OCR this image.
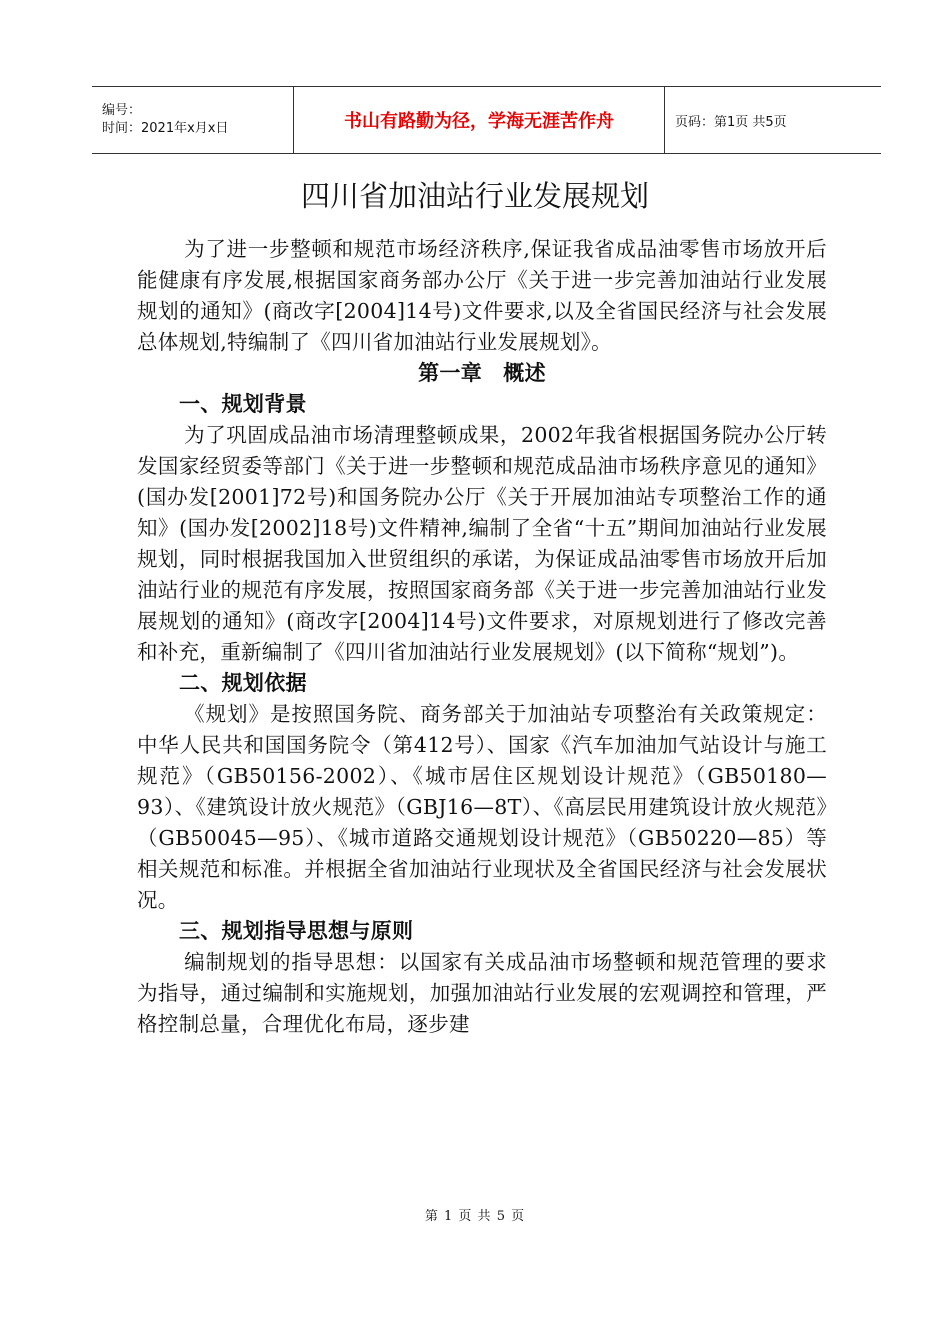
编号：
时间：2021年x月x日	书山有路勤为径，学海无涯苦作舟	页码：第1页 共5页
四川省加油站行业发展规划

为了进一步整顿和规范市场经济秩序,保证我省成品油零售市场放开后能健康有序发展,根据国家商务部办公厅《关于进一步完善加油站行业发展规划的通知》(商改字[2004]14号)文件要求,以及全省国民经济与社会发展总体规划,特编制了《四川省加油站行业发展规划》。

第一章　概述

一、规划背景

为了巩固成品油市场清理整顿成果，2002年我省根据国务院办公厅转发国家经贸委等部门《关于进一步整顿和规范成品油市场秩序意见的通知》(国办发[2001]72号)和国务院办公厅《关于开展加油站专项整治工作的通知》(国办发[2002]18号)文件精神,编制了全省“十五”期间加油站行业发展规划，同时根据我国加入世贸组织的承诺，为保证成品油零售市场放开后加油站行业的规范有序发展，按照国家商务部《关于进一步完善加油站行业发展规划的通知》(商改字[2004]14号)文件要求，对原规划进行了修改完善和补充，重新编制了《四川省加油站行业发展规划》(以下简称“规划”)。

二、规划依据

《规划》是按照国务院、商务部关于加油站专项整治有关政策规定：中华人民共和国国务院令（第412号）、国家《汽车加油加气站设计与施工规范》（GB50156-2002）、《城市居住区规划设计规范》（GB50180—93）、《建筑设计放火规范》（GBJ16—8T）、《高层民用建筑设计放火规范》（GB50045—95）、《城市道路交通规划设计规范》（GB50220—85）等相关规范和标准。并根据全省加油站行业现状及全省国民经济与社会发展状况。

三、规划指导思想与原则

编制规划的指导思想：以国家有关成品油市场整顿和规范管理的要求为指导，通过编制和实施规划，加强加油站行业发展的宏观调控和管理，严格控制总量，合理优化布局，逐步建

第 1 页 共 5 页
